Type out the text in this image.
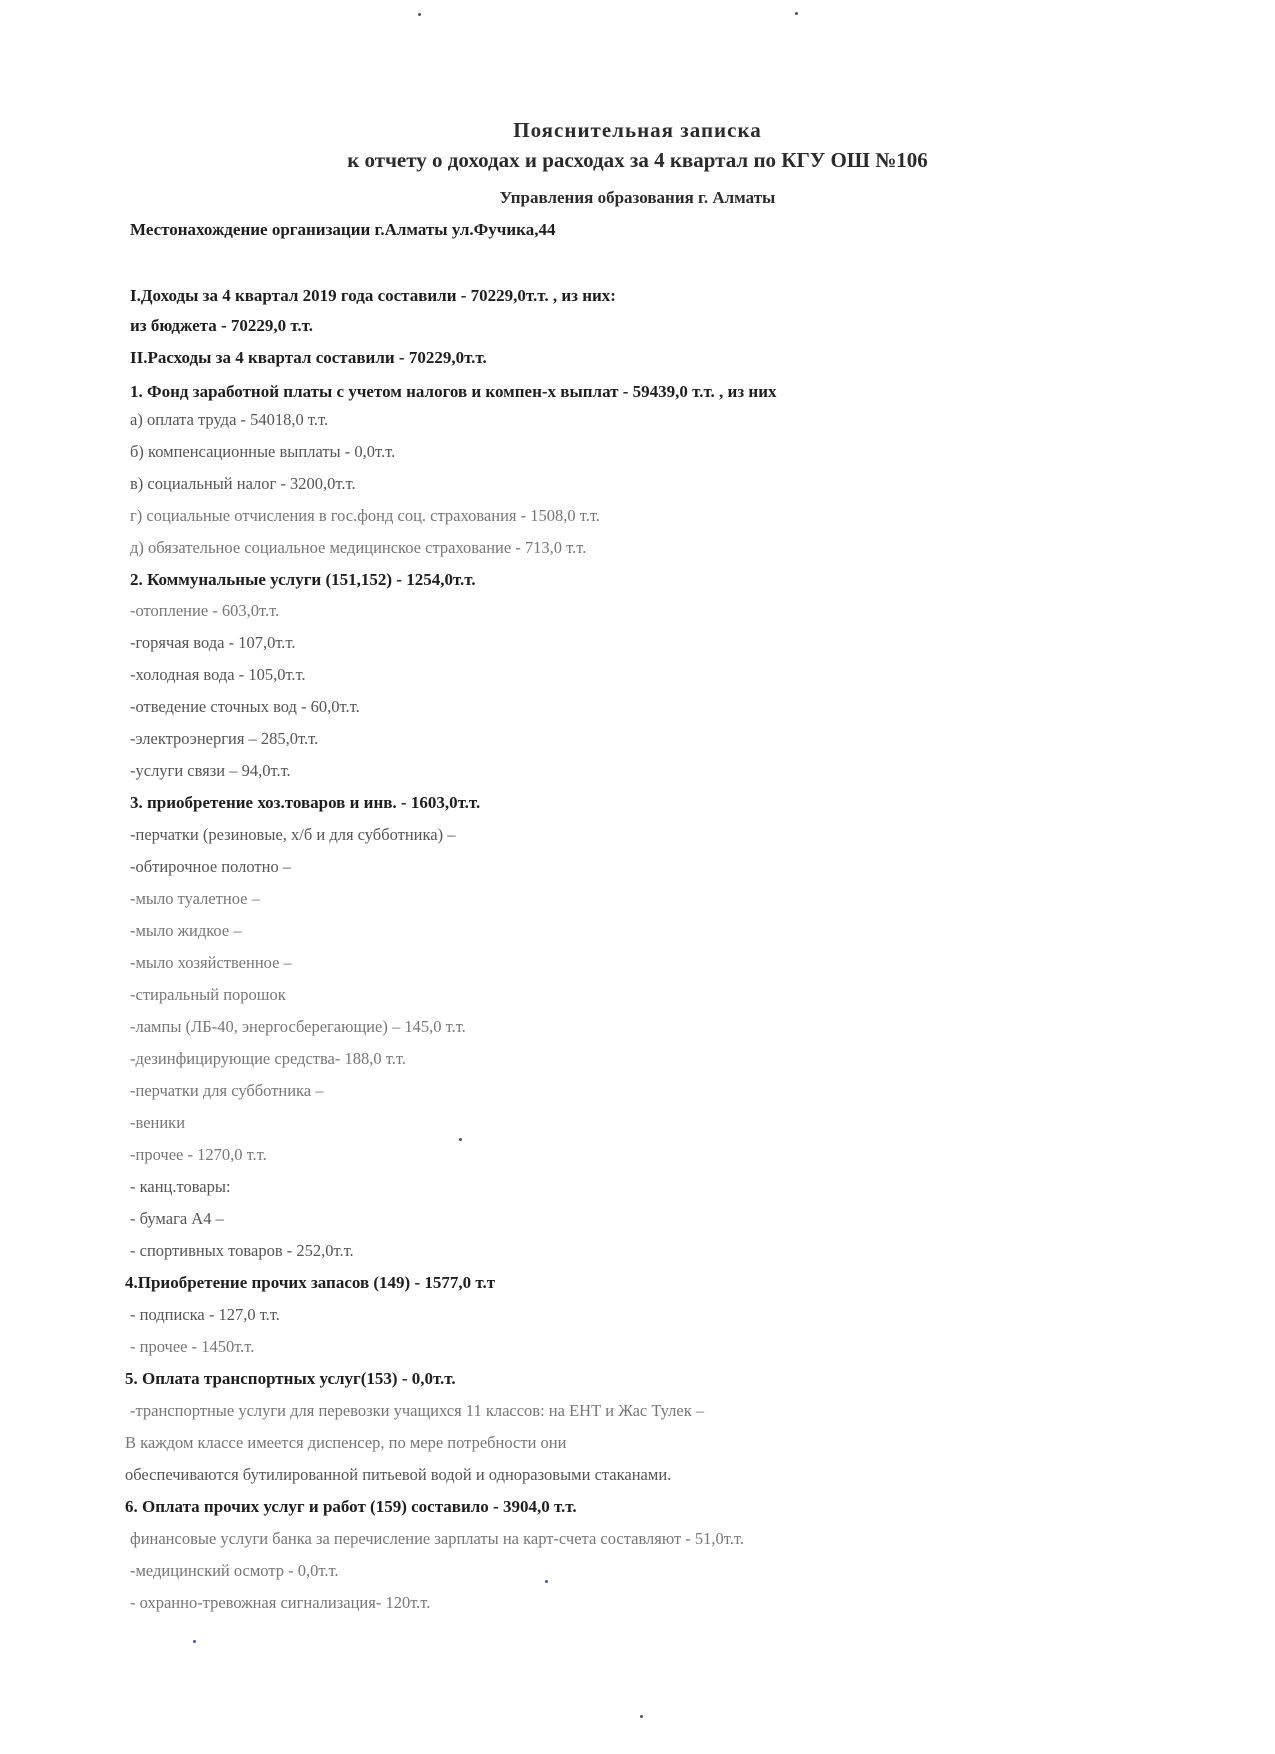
Пояснительная записка
к отчету о доходах и расходах за 4 квартал по КГУ ОШ №106
Управления образования г. Алматы
Местонахождение организации г.Алматы ул.Фучика,44
I.Доходы за 4 квартал 2019 года составили - 70229,0т.т. , из них:
из бюджета - 70229,0 т.т.
II.Расходы за 4 квартал составили - 70229,0т.т.
1. Фонд заработной платы с учетом налогов и компен-х выплат - 59439,0 т.т. , из них
а) оплата труда - 54018,0 т.т.
б) компенсационные выплаты - 0,0т.т.
в) социальный налог - 3200,0т.т.
г) социальные отчисления в гос.фонд соц. страхования - 1508,0 т.т.
д) обязательное социальное медицинское страхование - 713,0 т.т.
2. Коммунальные услуги (151,152) - 1254,0т.т.
-отопление - 603,0т.т.
-горячая вода - 107,0т.т.
-холодная вода - 105,0т.т.
-отведение сточных вод - 60,0т.т.
-электроэнергия – 285,0т.т.
-услуги связи – 94,0т.т.
3. приобретение хоз.товаров и инв. - 1603,0т.т.
-перчатки (резиновые, х/б и для субботника) –
-обтирочное полотно –
-мыло туалетное –
-мыло жидкое –
-мыло хозяйственное –
-стиральный порошок
-лампы (ЛБ-40, энергосберегающие) – 145,0 т.т.
-дезинфицирующие средства- 188,0 т.т.
-перчатки для субботника –
-веники
-прочее - 1270,0 т.т.
- канц.товары:
- бумага А4 –
- спортивных товаров - 252,0т.т.
4.Приобретение прочих запасов (149) - 1577,0 т.т
- подписка - 127,0 т.т.
- прочее - 1450т.т.
5. Оплата транспортных услуг(153) - 0,0т.т.
-транспортные услуги для перевозки учащихся 11 классов: на ЕНТ и Жас Тулек –
В каждом классе имеется диспенсер, по мере потребности они
обеспечиваются бутилированной питьевой водой и одноразовыми стаканами.
6. Оплата прочих услуг и работ (159) составило - 3904,0 т.т.
финансовые услуги банка за перечисление зарплаты на карт-счета составляют - 51,0т.т.
-медицинский осмотр - 0,0т.т.
- охранно-тревожная сигнализация- 120т.т.
